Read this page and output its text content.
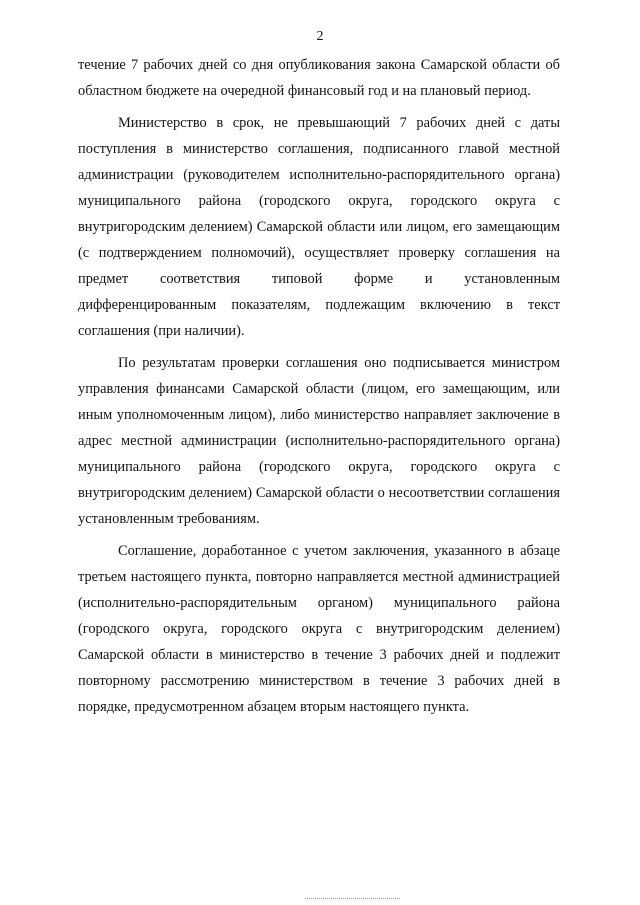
2

течение 7 рабочих дней со дня опубликования закона Самарской области об областном бюджете на очередной финансовый год и на плановый период.

Министерство в срок, не превышающий 7 рабочих дней с даты поступления в министерство соглашения, подписанного главой местной администрации (руководителем исполнительно-распорядительного органа) муниципального района (городского округа, городского округа с внутригородским делением) Самарской области или лицом, его замещающим (с подтверждением полномочий), осуществляет проверку соглашения на предмет соответствия типовой форме и установленным дифференцированным показателям, подлежащим включению в текст соглашения (при наличии).

По результатам проверки соглашения оно подписывается министром управления финансами Самарской области (лицом, его замещающим, или иным уполномоченным лицом), либо министерство направляет заключение в адрес местной администрации (исполнительно-распорядительного органа) муниципального района (городского округа, городского округа с внутригородским делением) Самарской области о несоответствии соглашения установленным требованиям.

Соглашение, доработанное с учетом заключения, указанного в абзаце третьем настоящего пункта, повторно направляется местной администрацией (исполнительно-распорядительным органом) муниципального района (городского округа, городского округа с внутригородским делением) Самарской области в министерство в течение 3 рабочих дней и подлежит повторному рассмотрению министерством в течение 3 рабочих дней в порядке, предусмотренном абзацем вторым настоящего пункта.
